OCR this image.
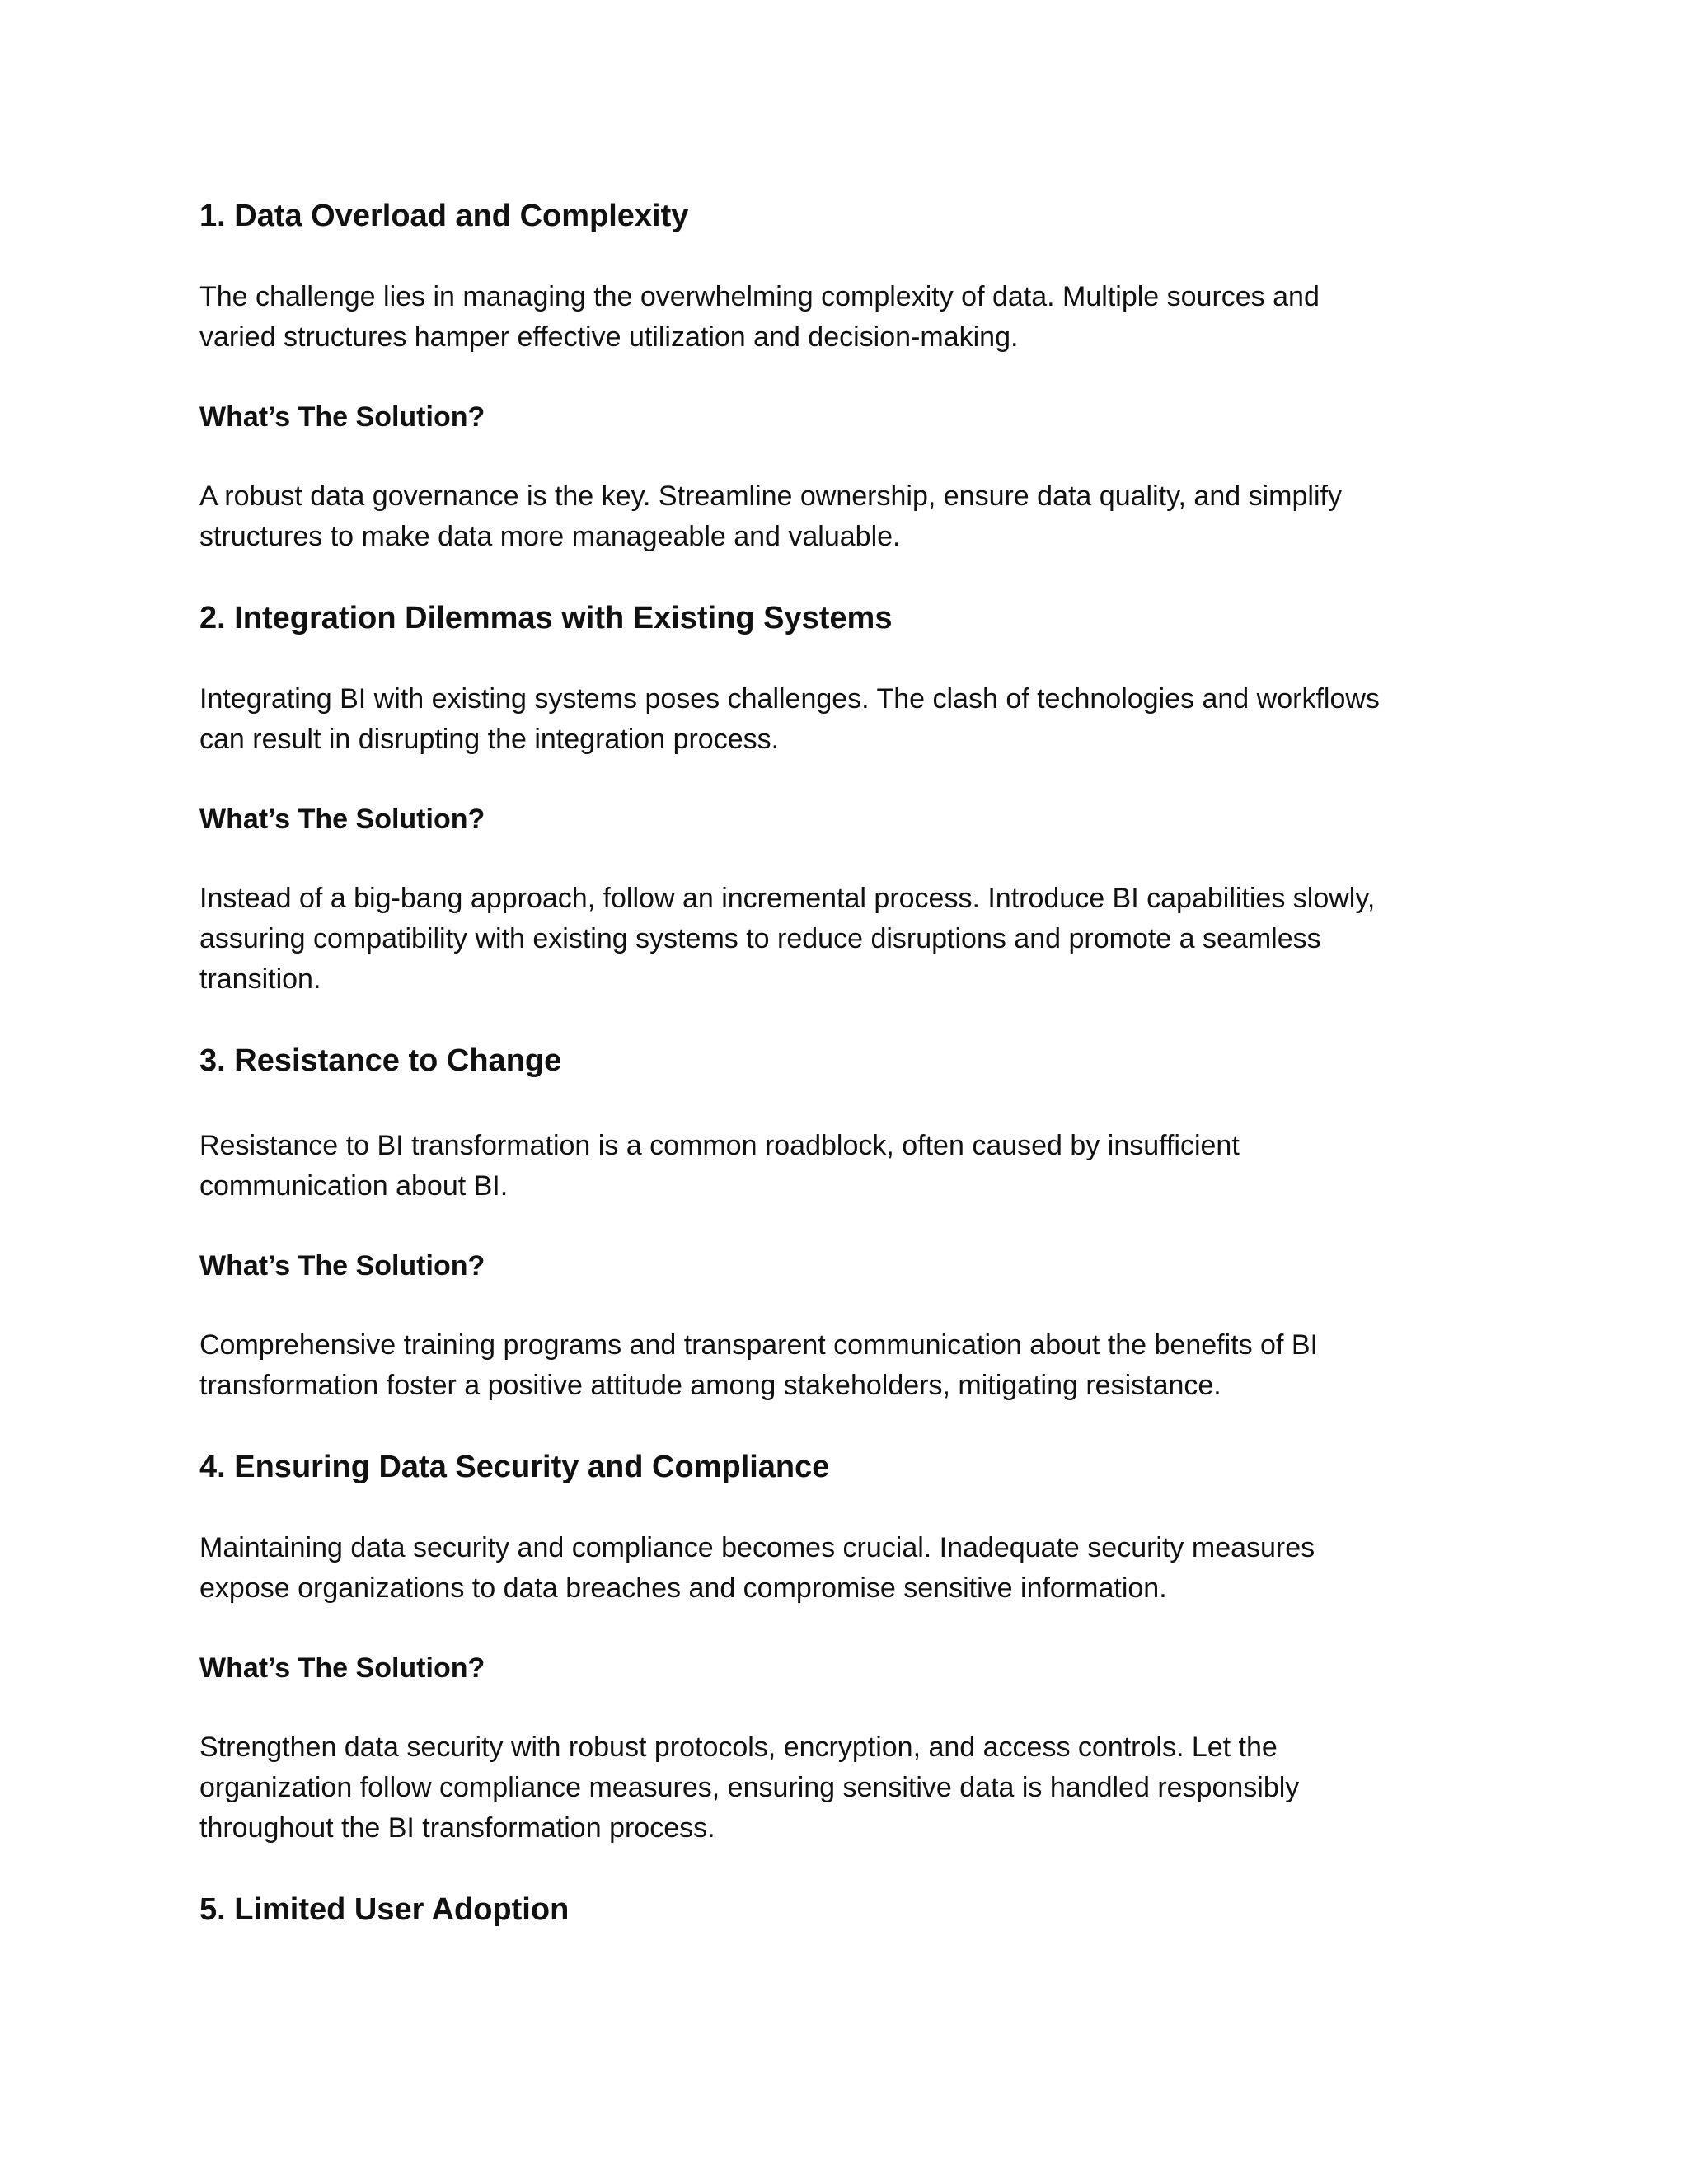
1. Data Overload and Complexity

The challenge lies in managing the overwhelming complexity of data. Multiple sources and
varied structures hamper effective utilization and decision-making.

What’s The Solution?

A robust data governance is the key. Streamline ownership, ensure data quality, and simplify
structures to make data more manageable and valuable.

2. Integration Dilemmas with Existing Systems

Integrating BI with existing systems poses challenges. The clash of technologies and workflows
can result in disrupting the integration process.

What’s The Solution?

Instead of a big-bang approach, follow an incremental process. Introduce BI capabilities slowly,
assuring compatibility with existing systems to reduce disruptions and promote a seamless
transition.

3. Resistance to Change

Resistance to BI transformation is a common roadblock, often caused by insufficient
communication about BI.

What’s The Solution?

Comprehensive training programs and transparent communication about the benefits of BI
transformation foster a positive attitude among stakeholders, mitigating resistance.

4. Ensuring Data Security and Compliance

Maintaining data security and compliance becomes crucial. Inadequate security measures
expose organizations to data breaches and compromise sensitive information.

What’s The Solution?

Strengthen data security with robust protocols, encryption, and access controls. Let the
organization follow compliance measures, ensuring sensitive data is handled responsibly
throughout the BI transformation process.

5. Limited User Adoption
